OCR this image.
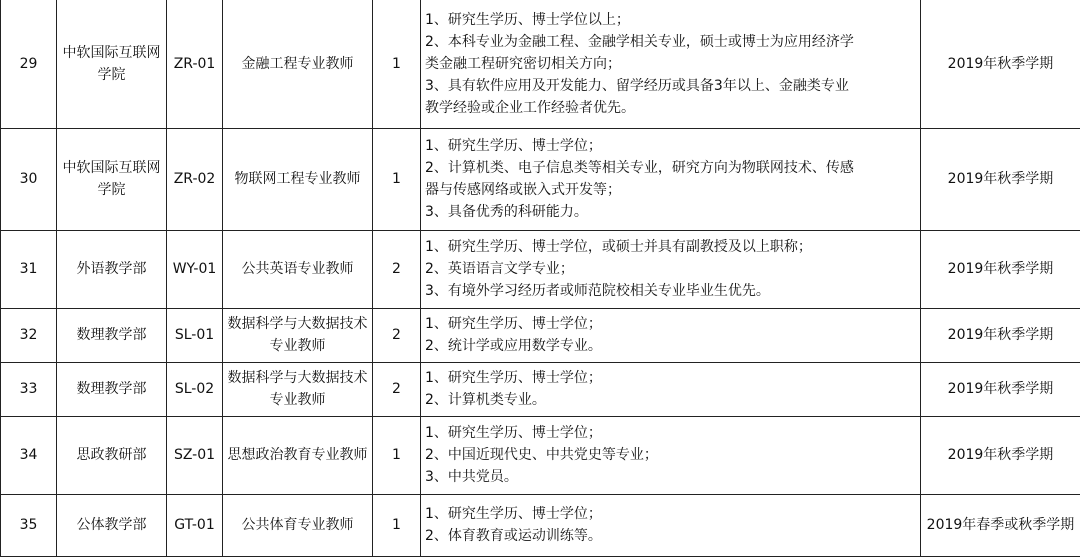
29	中软国际互联网学院	ZR-01	金融工程专业教师	1	1、研究生学历、博士学位以上；
2、本科专业为金融工程、金融学相关专业，硕士或博士为应用经济学
类金融工程研究密切相关方向；
3、具有软件应用及开发能力、留学经历或具备3年以上、金融类专业
教学经验或企业工作经验者优先。	2019年秋季学期
30	中软国际互联网学院	ZR-02	物联网工程专业教师	1	1、研究生学历、博士学位；
2、计算机类、电子信息类等相关专业，研究方向为物联网技术、传感
器与传感网络或嵌入式开发等；
3、具备优秀的科研能力。	2019年秋季学期
31	外语教学部	WY-01	公共英语专业教师	2	1、研究生学历、博士学位，或硕士并具有副教授及以上职称；
2、英语语言文学专业；
3、有境外学习经历者或师范院校相关专业毕业生优先。	2019年秋季学期
32	数理教学部	SL-01	数据科学与大数据技术专业教师	2	1、研究生学历、博士学位；
2、统计学或应用数学专业。	2019年秋季学期
33	数理教学部	SL-02	数据科学与大数据技术专业教师	2	1、研究生学历、博士学位；
2、计算机类专业。	2019年秋季学期
34	思政教研部	SZ-01	思想政治教育专业教师	1	1、研究生学历、博士学位；
2、中国近现代史、中共党史等专业；
3、中共党员。	2019年秋季学期
35	公体教学部	GT-01	公共体育专业教师	1	1、研究生学历、博士学位；
2、体育教育或运动训练等。	2019年春季或秋季学期
